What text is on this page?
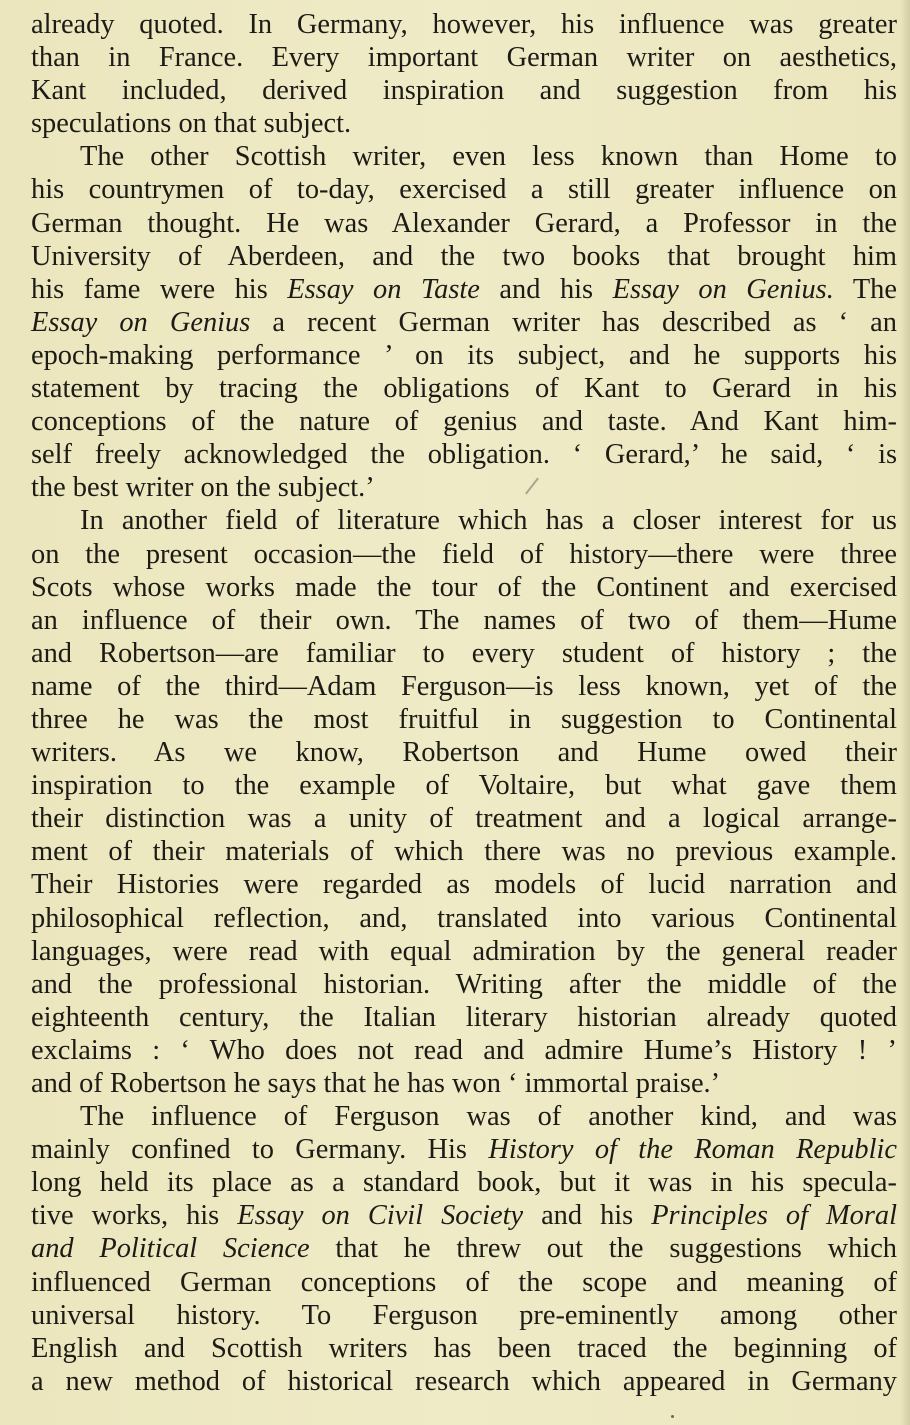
already quoted. In Germany, however, his influence was greater
than in France. Every important German writer on aesthetics,
Kant included, derived inspiration and suggestion from his
speculations on that subject.
The other Scottish writer, even less known than Home to
his countrymen of to-day, exercised a still greater influence on
German thought. He was Alexander Gerard, a Professor in the
University of Aberdeen, and the two books that brought him
his fame were his Essay on Taste and his Essay on Genius. The
Essay on Genius a recent German writer has described as ‘ an
epoch-making performance ’ on its subject, and he supports his
statement by tracing the obligations of Kant to Gerard in his
conceptions of the nature of genius and taste. And Kant him-
self freely acknowledged the obligation. ‘ Gerard,’ he said, ‘ is
the best writer on the subject.’
In another field of literature which has a closer interest for us
on the present occasion—the field of history—there were three
Scots whose works made the tour of the Continent and exercised
an influence of their own. The names of two of them—Hume
and Robertson—are familiar to every student of history ; the
name of the third—Adam Ferguson—is less known, yet of the
three he was the most fruitful in suggestion to Continental
writers. As we know, Robertson and Hume owed their
inspiration to the example of Voltaire, but what gave them
their distinction was a unity of treatment and a logical arrange-
ment of their materials of which there was no previous example.
Their Histories were regarded as models of lucid narration and
philosophical reflection, and, translated into various Continental
languages, were read with equal admiration by the general reader
and the professional historian. Writing after the middle of the
eighteenth century, the Italian literary historian already quoted
exclaims : ‘ Who does not read and admire Hume’s History ! ’
and of Robertson he says that he has won ‘ immortal praise.’
The influence of Ferguson was of another kind, and was
mainly confined to Germany. His History of the Roman Republic
long held its place as a standard book, but it was in his specula-
tive works, his Essay on Civil Society and his Principles of Moral
and Political Science that he threw out the suggestions which
influenced German conceptions of the scope and meaning of
universal history. To Ferguson pre-eminently among other
English and Scottish writers has been traced the beginning of
a new method of historical research which appeared in Germany
